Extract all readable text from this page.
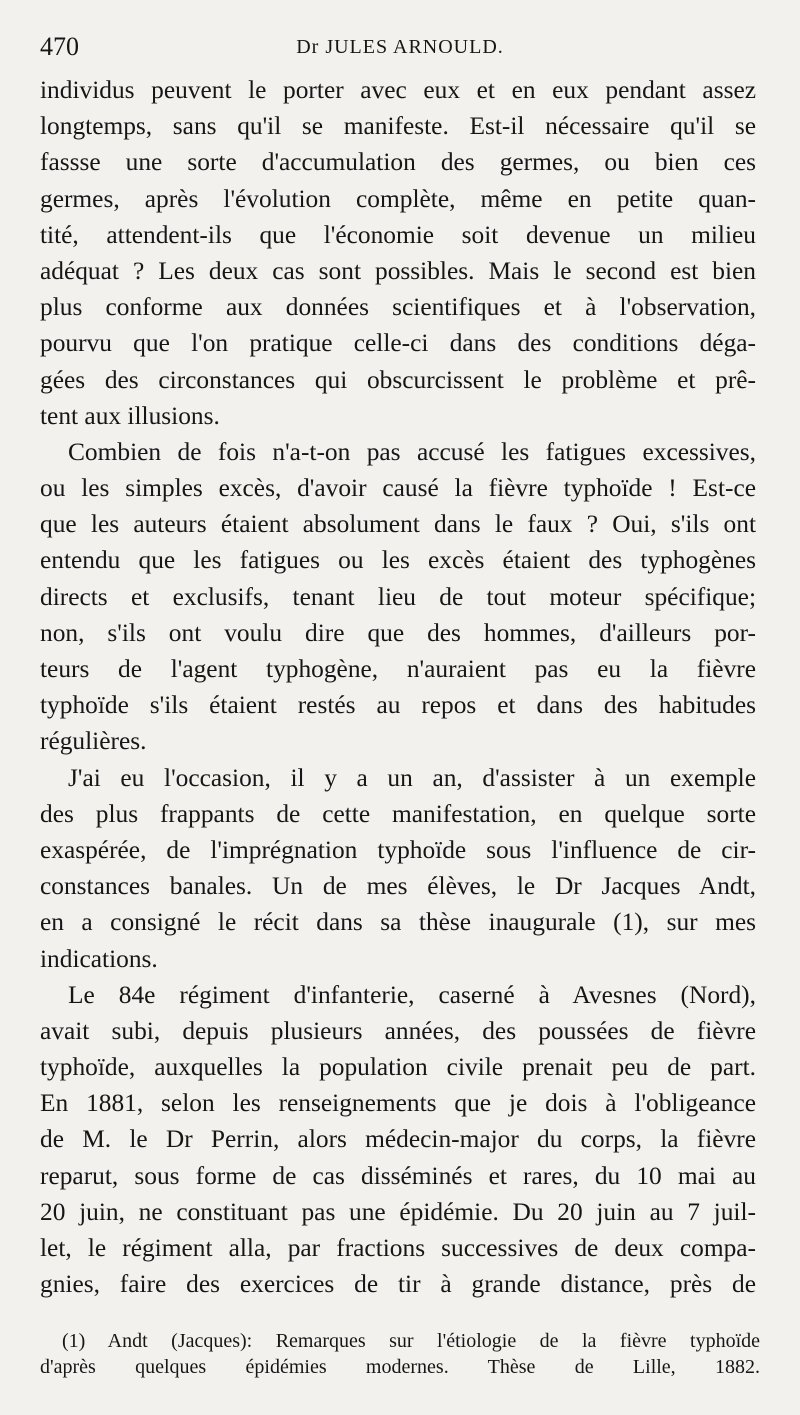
470	Dr JULES ARNOULD.
individus peuvent le porter avec eux et en eux pendant assez
longtemps, sans qu'il se manifeste. Est-il nécessaire qu'il se
fassse une sorte d'accumulation des germes, ou bien ces
germes, après l'évolution complète, même en petite quan-
tité, attendent-ils que l'économie soit devenue un milieu
adéquat ? Les deux cas sont possibles. Mais le second est bien
plus conforme aux données scientifiques et à l'observation,
pourvu que l'on pratique celle-ci dans des conditions déga-
gées des circonstances qui obscurcissent le problème et prê-
tent aux illusions.
Combien de fois n'a-t-on pas accusé les fatigues excessives,
ou les simples excès, d'avoir causé la fièvre typhoïde ! Est-ce
que les auteurs étaient absolument dans le faux ? Oui, s'ils ont
entendu que les fatigues ou les excès étaient des typhogènes
directs et exclusifs, tenant lieu de tout moteur spécifique;
non, s'ils ont voulu dire que des hommes, d'ailleurs por-
teurs de l'agent typhogène, n'auraient pas eu la fièvre
typhoïde s'ils étaient restés au repos et dans des habitudes
régulières.
J'ai eu l'occasion, il y a un an, d'assister à un exemple
des plus frappants de cette manifestation, en quelque sorte
exaspérée, de l'imprégnation typhoïde sous l'influence de cir-
constances banales. Un de mes élèves, le Dr Jacques Andt,
en a consigné le récit dans sa thèse inaugurale (1), sur mes
indications.
Le 84e régiment d'infanterie, caserné à Avesnes (Nord),
avait subi, depuis plusieurs années, des poussées de fièvre
typhoïde, auxquelles la population civile prenait peu de part.
En 1881, selon les renseignements que je dois à l'obligeance
de M. le Dr Perrin, alors médecin-major du corps, la fièvre
reparut, sous forme de cas disséminés et rares, du 10 mai au
20 juin, ne constituant pas une épidémie. Du 20 juin au 7 juil-
let, le régiment alla, par fractions successives de deux compa-
gnies, faire des exercices de tir à grande distance, près de
(1) Andt (Jacques): Remarques sur l'étiologie de la fièvre typhoïde
d'après quelques épidémies modernes. Thèse de Lille, 1882.
